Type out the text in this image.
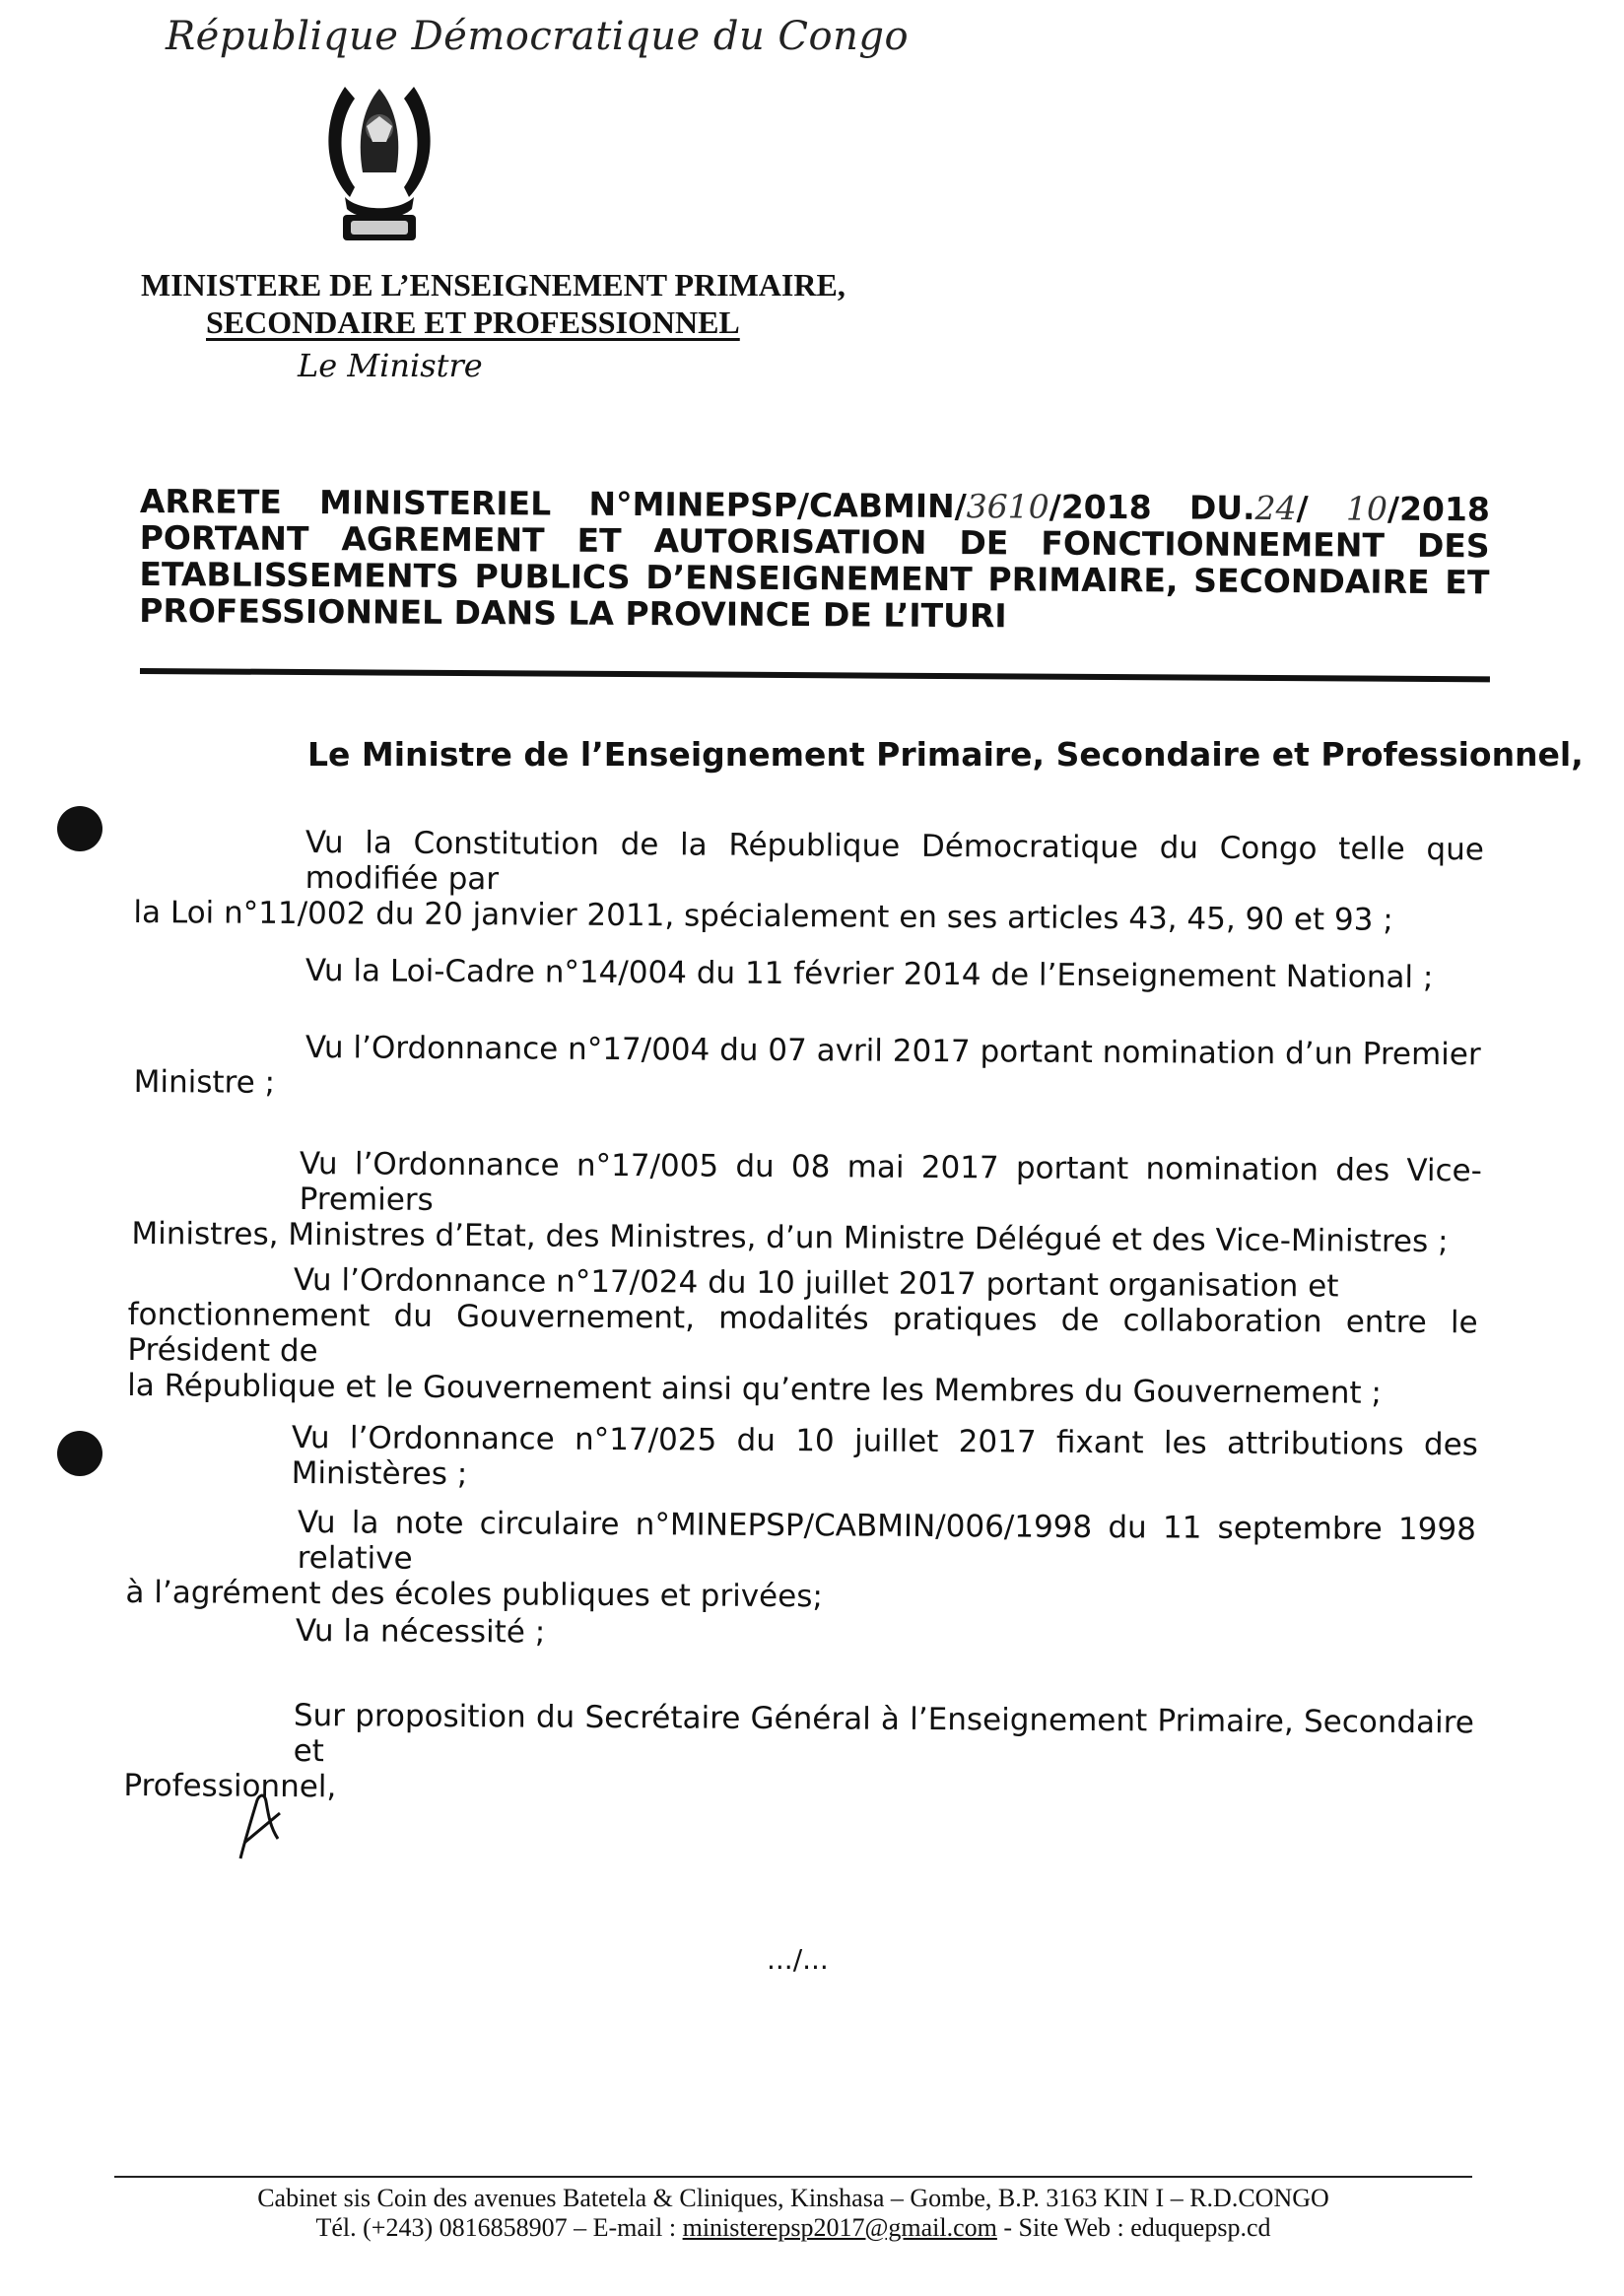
République Démocratique du Congo
MINISTERE DE L’ENSEIGNEMENT PRIMAIRE,
SECONDAIRE ET PROFESSIONNEL
Le Ministre
ARRETE MINISTERIEL N°MINEPSP/CABMIN/3610/2018 DU.24/ 10/2018
PORTANT AGREMENT ET AUTORISATION DE FONCTIONNEMENT DES
ETABLISSEMENTS PUBLICS D’ENSEIGNEMENT PRIMAIRE, SECONDAIRE ET
PROFESSIONNEL DANS LA PROVINCE DE L’ITURI
Le Ministre de l’Enseignement Primaire, Secondaire et Professionnel,
Vu la Constitution de la République Démocratique du Congo telle que modifiée par
la Loi n°11/002 du 20 janvier 2011, spécialement en ses articles 43, 45, 90 et 93 ;
Vu la Loi-Cadre n°14/004 du 11 février 2014 de l’Enseignement National ;
Vu l’Ordonnance n°17/004 du 07 avril 2017 portant nomination d’un Premier
Ministre ;
Vu l’Ordonnance n°17/005 du 08 mai 2017 portant nomination des Vice-Premiers
Ministres, Ministres d’Etat, des Ministres, d’un Ministre Délégué et des Vice-Ministres ;
Vu l’Ordonnance n°17/024 du 10 juillet 2017 portant organisation et
fonctionnement du Gouvernement, modalités pratiques de collaboration entre le Président de
la République et le Gouvernement ainsi qu’entre les Membres du Gouvernement ;
Vu l’Ordonnance n°17/025 du 10 juillet 2017 fixant les attributions des Ministères ;
Vu la note circulaire n°MINEPSP/CABMIN/006/1998 du 11 septembre 1998 relative
à l’agrément des écoles publiques et privées;
Vu la nécessité ;
Sur proposition du Secrétaire Général à l’Enseignement Primaire, Secondaire et
Professionnel,
.../...
Cabinet sis Coin des avenues Batetela & Cliniques, Kinshasa – Gombe, B.P. 3163 KIN I – R.D.CONGO
Tél. (+243) 0816858907 – E-mail : ministerepsp2017@gmail.com - Site Web : eduquepsp.cd
